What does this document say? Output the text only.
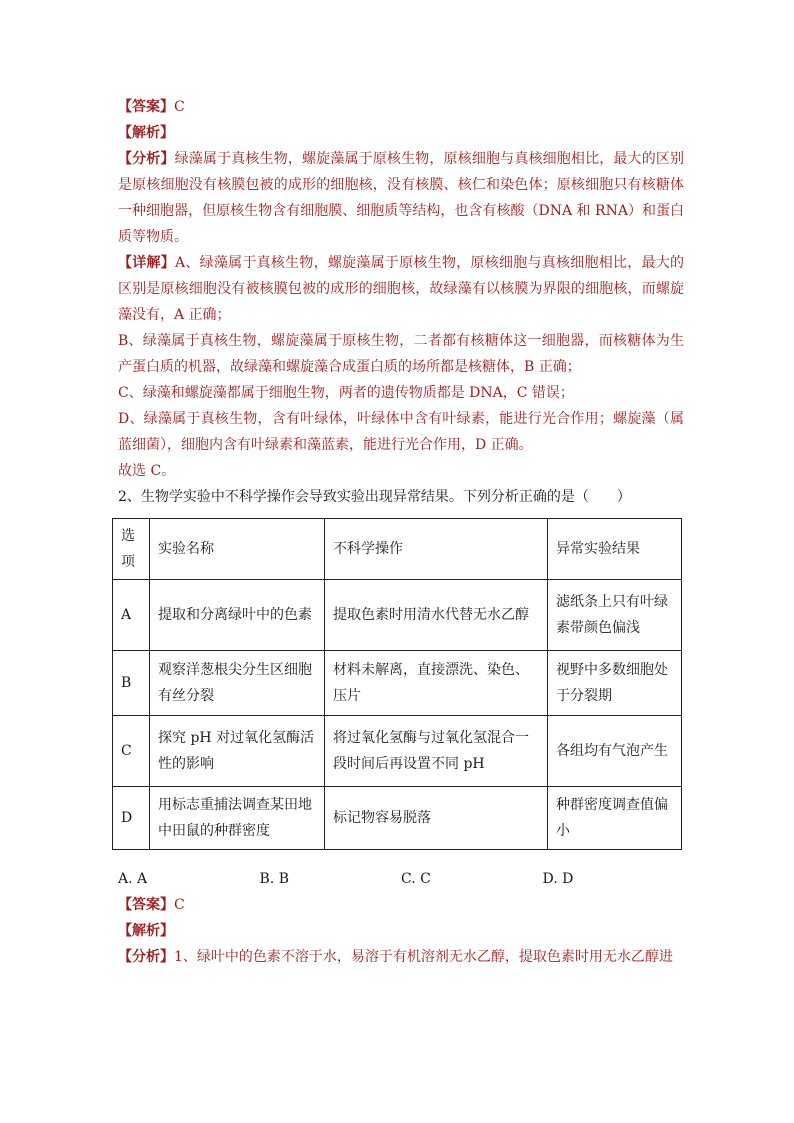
【答案】C
【解析】
【分析】绿藻属于真核生物，螺旋藻属于原核生物，原核细胞与真核细胞相比，最大的区别是原核细胞没有核膜包被的成形的细胞核，没有核膜、核仁和染色体；原核细胞只有核糖体一种细胞器，但原核生物含有细胞膜、细胞质等结构，也含有核酸（DNA 和 RNA）和蛋白质等物质。
【详解】A、绿藻属于真核生物，螺旋藻属于原核生物，原核细胞与真核细胞相比，最大的区别是原核细胞没有被核膜包被的成形的细胞核，故绿藻有以核膜为界限的细胞核，而螺旋藻没有，A 正确；
B、绿藻属于真核生物，螺旋藻属于原核生物，二者都有核糖体这一细胞器，而核糖体为生产蛋白质的机器，故绿藻和螺旋藻合成蛋白质的场所都是核糖体，B 正确；
C、绿藻和螺旋藻都属于细胞生物，两者的遗传物质都是 DNA，C 错误；
D、绿藻属于真核生物，含有叶绿体，叶绿体中含有叶绿素，能进行光合作用；螺旋藻（属蓝细菌），细胞内含有叶绿素和藻蓝素，能进行光合作用，D 正确。
故选 C。
2、生物学实验中不科学操作会导致实验出现异常结果。下列分析正确的是（　　）
选项	实验名称	不科学操作	异常实验结果
A	提取和分离绿叶中的色素	提取色素时用清水代替无水乙醇	滤纸条上只有叶绿素带颜色偏浅
B	观察洋葱根尖分生区细胞有丝分裂	材料未解离，直接漂洗、染色、压片	视野中多数细胞处于分裂期
C	探究 pH 对过氧化氢酶活性的影响	将过氧化氢酶与过氧化氢混合一段时间后再设置不同 pH	各组均有气泡产生
D	用标志重捕法调查某田地中田鼠的种群密度	标记物容易脱落	种群密度调查值偏小
A. A	B. B	C. C	D. D
【答案】C
【解析】
【分析】1、绿叶中的色素不溶于水，易溶于有机溶剂无水乙醇，提取色素时用无水乙醇进
